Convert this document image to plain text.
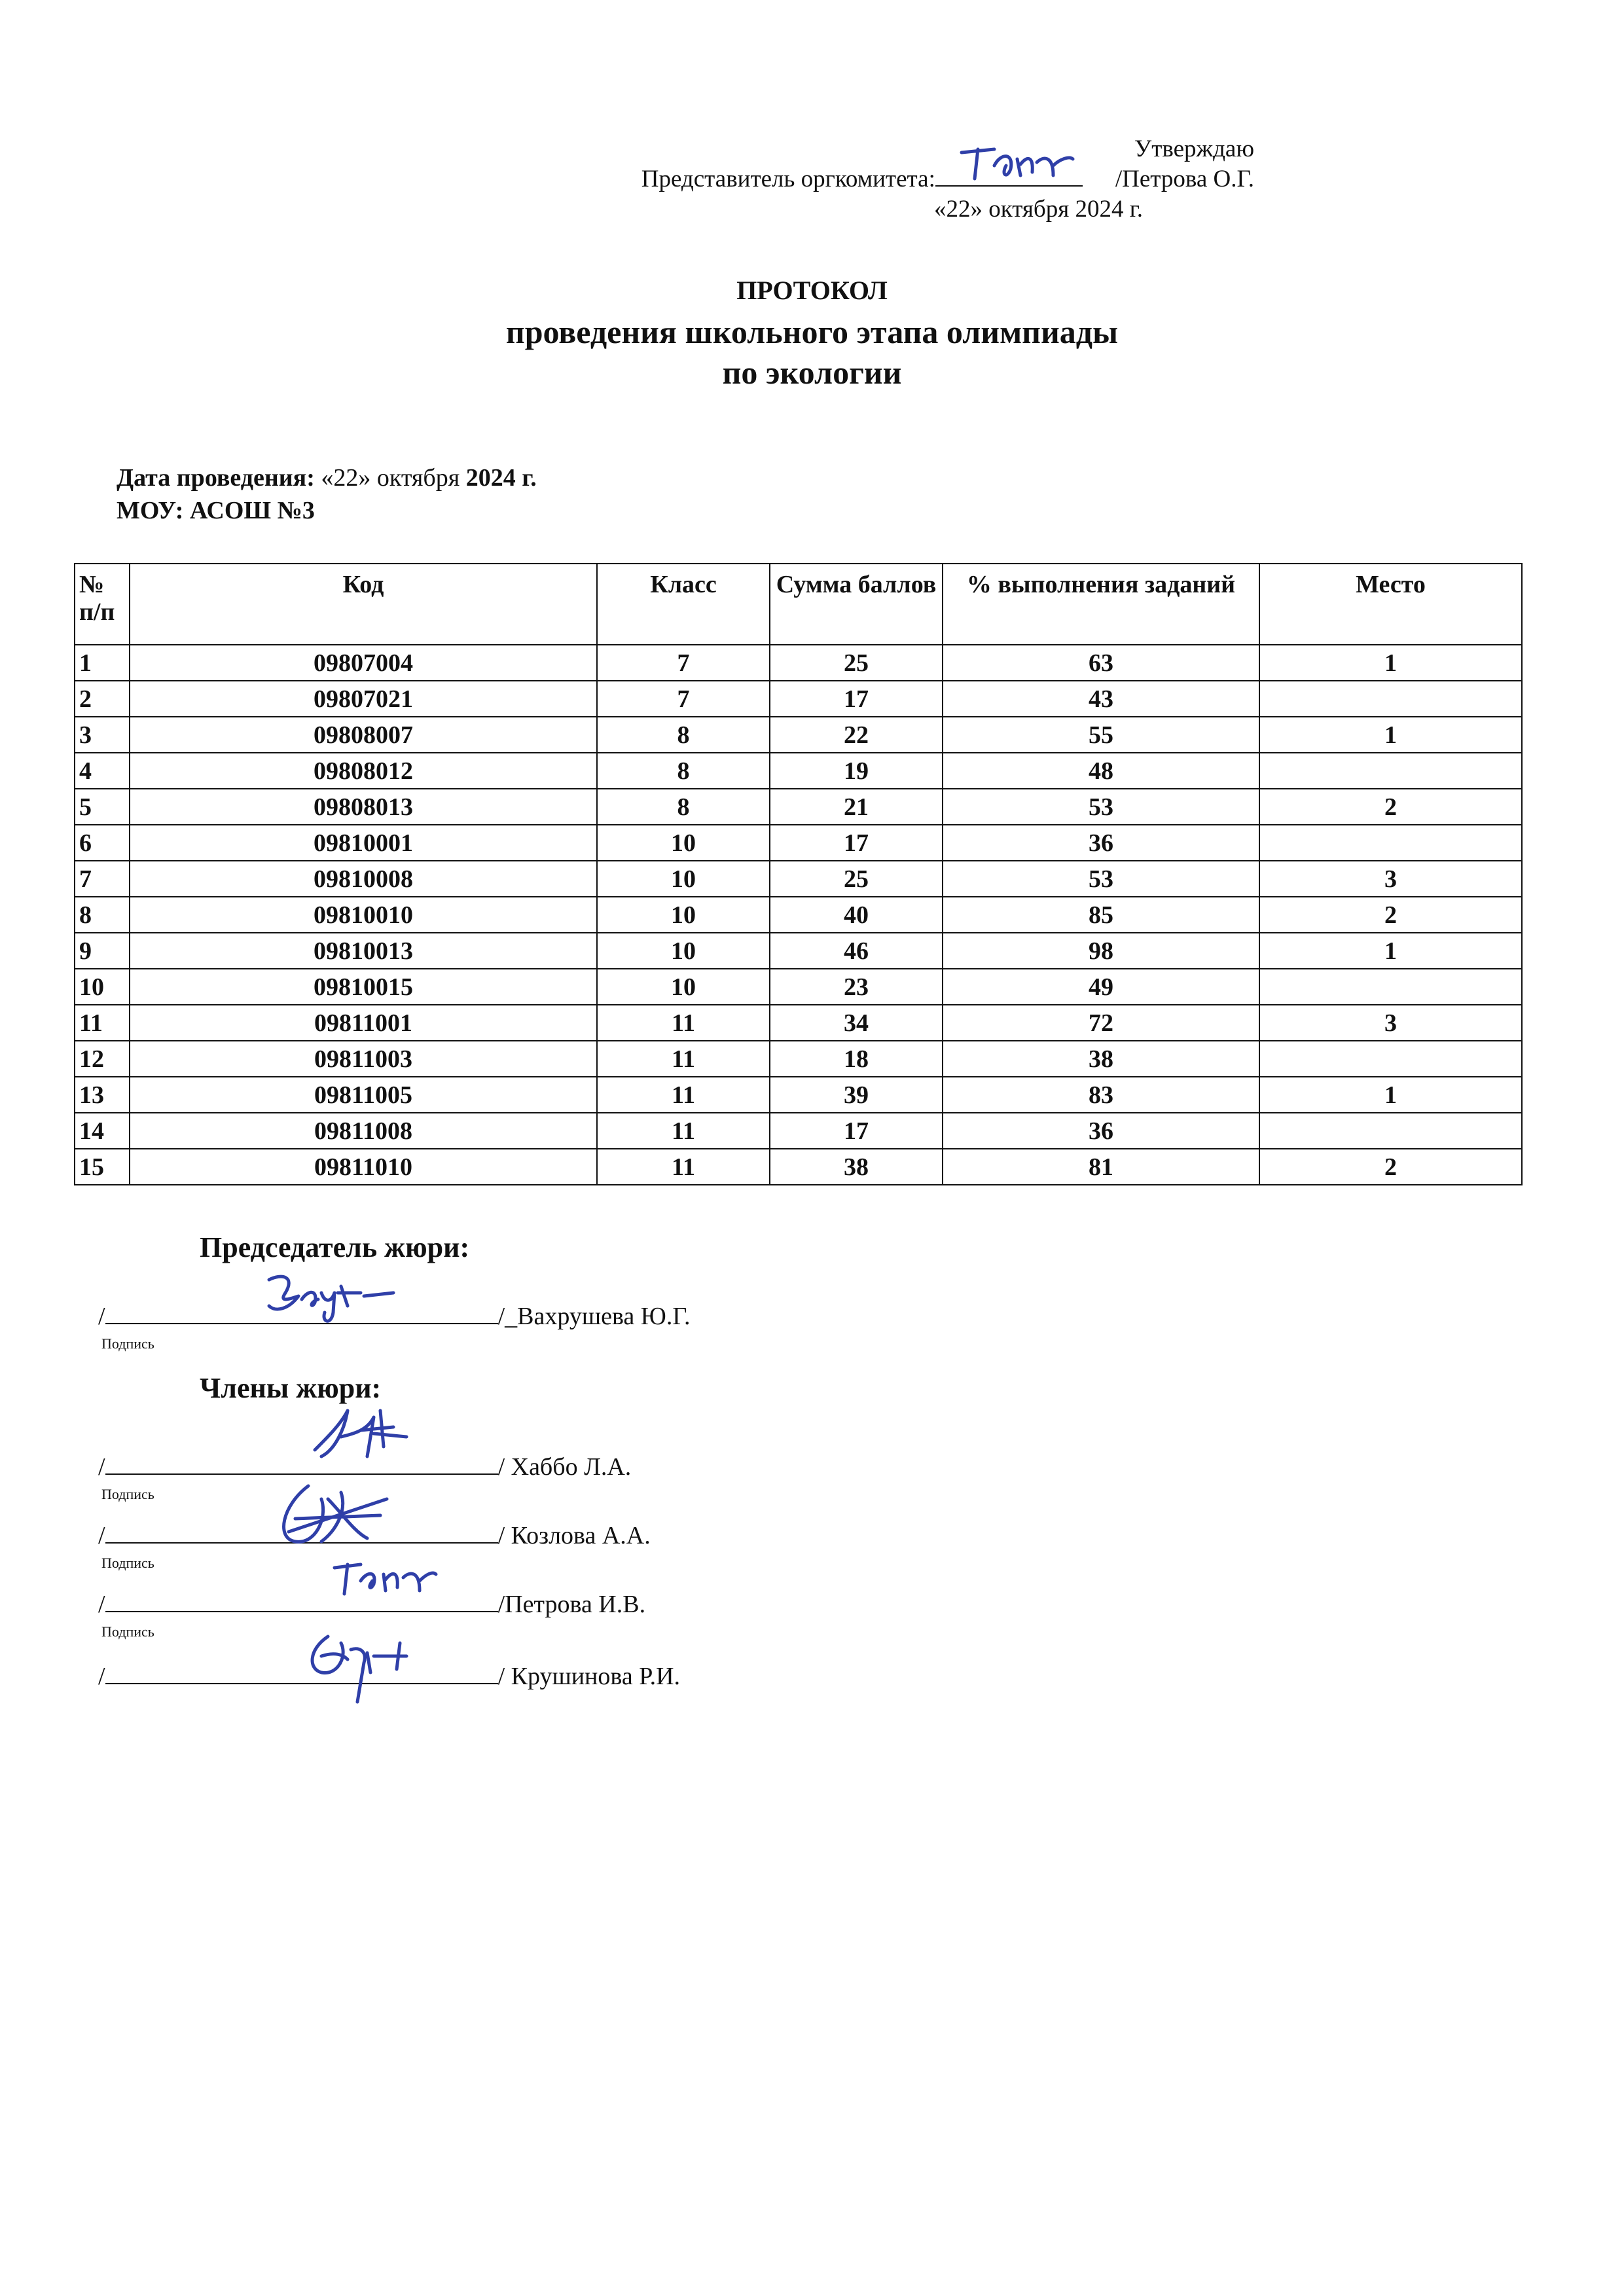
Утверждаю
Представитель оргкомитета:	/Петрова О.Г.
«22» октября 2024 г.
ПРОТОКОЛ
проведения школьного этапа олимпиады
по экологии
Дата проведения: «22» октября 2024 г.
МОУ: АСОШ №3
№ п/п	Код	Класс	Сумма баллов	% выполнения заданий	Место
1	09807004	7	25	63	1
2	09807021	7	17	43	
3	09808007	8	22	55	1
4	09808012	8	19	48	
5	09808013	8	21	53	2
6	09810001	10	17	36	
7	09810008	10	25	53	3
8	09810010	10	40	85	2
9	09810013	10	46	98	1
10	09810015	10	23	49	
11	09811001	11	34	72	3
12	09811003	11	18	38	
13	09811005	11	39	83	1
14	09811008	11	17	36	
15	09811010	11	38	81	2
Председатель жюри:
/	/_Вахрушева Ю.Г.
Подпись
Члены жюри:
/	/ Хаббо Л.А.
Подпись
/	/ Козлова А.А.
Подпись
/	/Петрова И.В.
Подпись
/	/ Крушинова Р.И.
